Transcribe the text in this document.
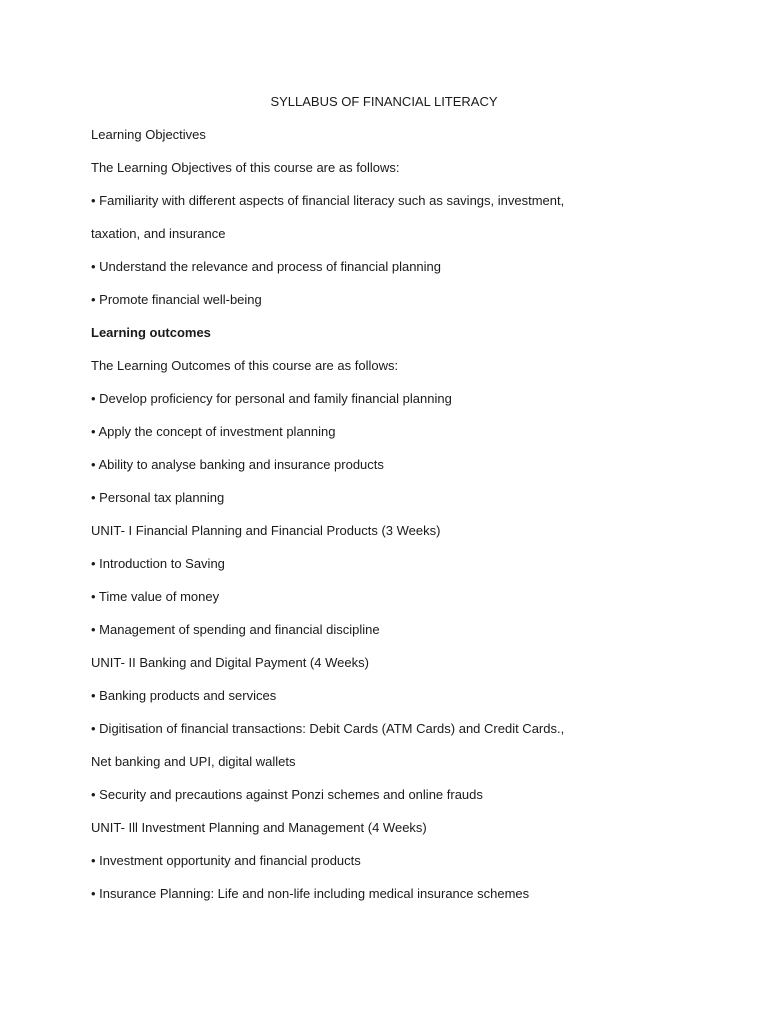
SYLLABUS OF FINANCIAL LITERACY
Learning Objectives
The Learning Objectives of this course are as follows:
• Familiarity with different aspects of financial literacy such as savings, investment,
taxation, and insurance
• Understand the relevance and process of financial planning
• Promote financial well-being
Learning outcomes
The Learning Outcomes of this course are as follows:
• Develop proficiency for personal and family financial planning
• Apply the concept of investment planning
• Ability to analyse banking and insurance products
• Personal tax planning
UNIT- I Financial Planning and Financial Products (3 Weeks)
• Introduction to Saving
• Time value of money
• Management of spending and financial discipline
UNIT- II Banking and Digital Payment (4 Weeks)
• Banking products and services
• Digitisation of financial transactions: Debit Cards (ATM Cards) and Credit Cards.,
Net banking and UPI, digital wallets
• Security and precautions against Ponzi schemes and online frauds
UNIT- Ill Investment Planning and Management (4 Weeks)
• Investment opportunity and financial products
• Insurance Planning: Life and non-life including medical insurance schemes
